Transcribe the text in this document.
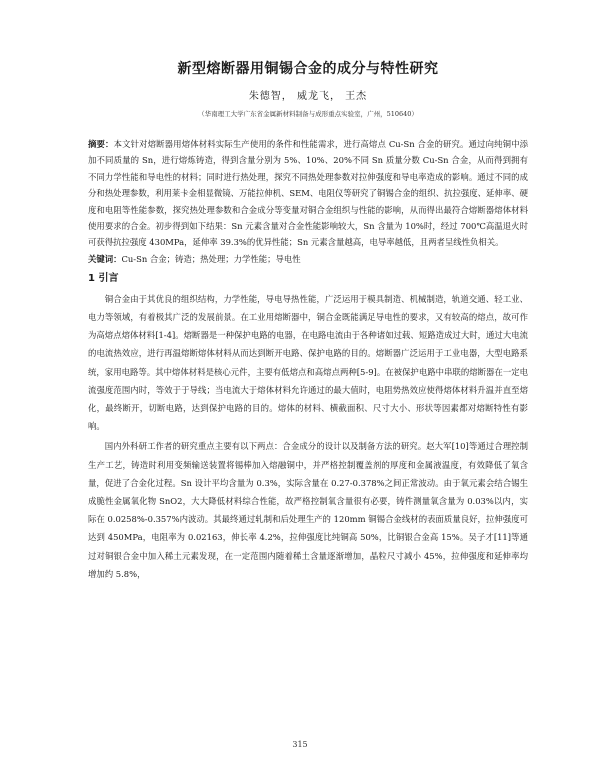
新型熔断器用铜锡合金的成分与特性研究
朱德智， 威龙飞， 王杰
（华南理工大学广东省金属新材料制备与成形重点实验室，广州，510640）

摘要：本文针对熔断器用熔体材料实际生产使用的条件和性能需求，进行高熔点 Cu-Sn 合金的研究。通过向纯铜中添加不同质量的 Sn，进行熔炼铸造，得到含量分别为 5%、10%、20%不同 Sn 质量分数 Cu-Sn 合金，从而得到拥有不同力学性能和导电性的材料；同时进行热处理，探究不同热处理参数对拉伸强度和导电率造成的影响。通过不同的成分和热处理参数，利用莱卡金相显微镜、万能拉伸机、SEM、电阻仪等研究了铜锡合金的组织、抗拉强度、延伸率、硬度和电阻等性能参数，探究热处理参数和合金成分等变量对铜合金组织与性能的影响，从而得出最符合熔断器熔体材料使用要求的合金。初步得到如下结果：Sn 元素含量对合金性能影响较大，Sn 含量为 10%时，经过 700℃高温退火时可获得抗拉强度 430MPa，延伸率 39.3%的优异性能；Sn 元素含量越高，电导率越低，且两者呈线性负相关。

关键词：Cu-Sn 合金；铸造；热处理；力学性能；导电性

1 引言

铜合金由于其优良的组织结构，力学性能，导电导热性能，广泛运用于模具制造、机械制造，轨道交通、轻工业、电力等领域，有着极其广泛的发展前景。在工业用熔断器中，铜合金既能满足导电性的要求，又有较高的熔点，故可作为高熔点熔体材料[1-4]。熔断器是一种保护电路的电器，在电路电流由于各种诸如过载、短路造成过大时，通过大电流的电流热效应，进行再温熔断熔体材料从而达到断开电路、保护电路的目的。熔断器广泛运用于工业电器，大型电路系统，家用电路等。其中熔体材料是核心元件，主要有低熔点和高熔点两种[5-9]。在被保护电路中串联的熔断器在一定电流强度范围内时，等效于于导线；当电流大于熔体材料允许通过的最大值时，电阻势热效应使得熔体材料升温并直至熔化，最终断开，切断电路，达到保护电路的目的。熔体的材料、横截面积、尺寸大小、形状等因素都对熔断特性有影响。

国内外科研工作者的研究重点主要有以下两点：合金成分的设计以及制备方法的研究。赵大军[10]等通过合理控制生产工艺，铸造时利用变频输送装置将锡棒加入熔融铜中，并严格控制覆盖剂的厚度和金属液温度，有效降低了氧含量，促进了合金化过程。Sn 设计平均含量为 0.3%，实际含量在 0.27-0.378%之间正常波动。由于氧元素会结合锡生成脆性金属氧化物 SnO2，大大降低材料综合性能，故严格控制氧含量很有必要，铸件测量氧含量为 0.03%以内，实际在 0.0258%-0.357%内波动。其最终通过轧制和后处理生产的 120mm 铜锡合金线材的表面质量良好，拉伸强度可达到 450MPa，电阻率为 0.02163，伸长率 4.2%，拉伸强度比纯铜高 50%，比铜银合金高 15%。吴子才[11]等通过对铜银合金中加入稀土元素发现，在一定范围内随着稀土含量逐渐增加，晶粒尺寸减小 45%，拉伸强度和延伸率均增加约 5.8%，

315
